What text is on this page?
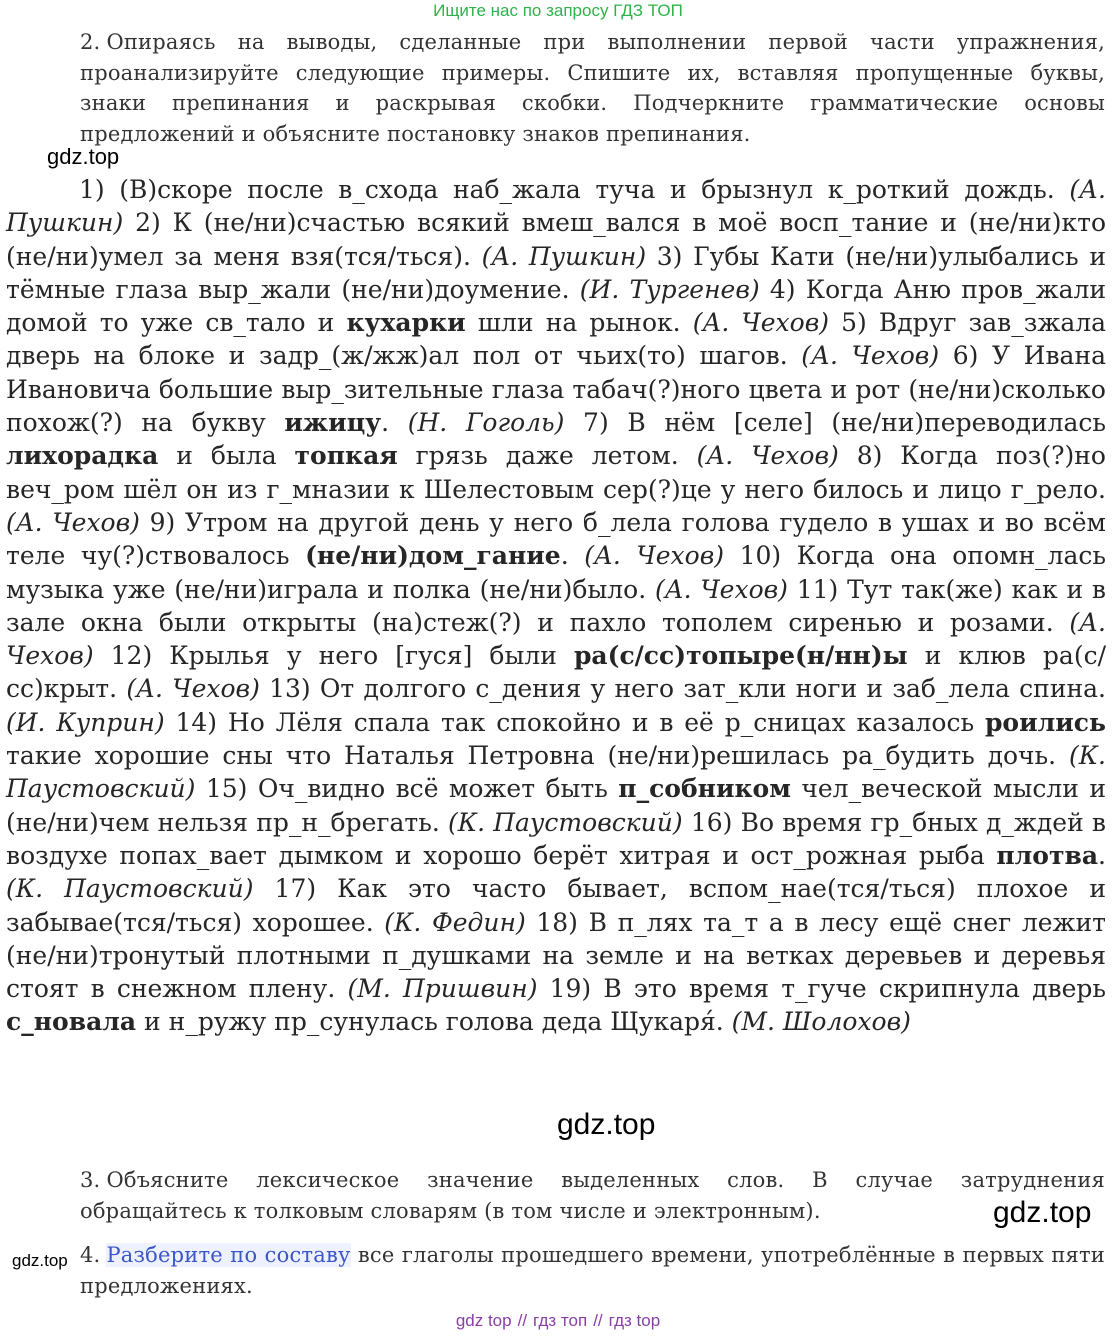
Ищите нас по запросу ГДЗ ТОП
2. Опираясь на выводы, сделанные при выполнении первой части упражнения, проанализируйте следующие примеры. Спишите их, вставляя пропущенные буквы, знаки препинания и раскрывая скобки. Подчеркните грамматические основы предложений и объясните постановку знаков препинания.
gdz.top

1) (В)скоре после в_схода наб_жала туча и брызнул к_роткий дождь. (А. Пушкин) 2) К (не/ни)счастью всякий вмеш_вался в моё восп_тание и (не/ни)кто (не/ни)умел за меня взя(тся/ться). (А. Пушкин) 3) Губы Кати (не/ни)улыбались и тёмные глаза выр_жали (не/ни)доумение. (И. Тургенев) 4) Когда Аню пров_жали домой то уже св_тало и кухарки шли на рынок. (А. Чехов) 5) Вдруг зав_зжала дверь на блоке и задр_(ж/жж)ал пол от чьих(то) шагов. (А. Чехов) 6) У Ивана Ивановича большие выр_зительные глаза табач(?)ного цвета и рот (не/ни)сколько похож(?) на букву ижицу. (Н. Гоголь) 7) В нём [селе] (не/ни)переводилась лихорадка и была топкая грязь даже летом. (А. Чехов) 8) Когда поз(?)но веч_ром шёл он из г_мназии к Шелестовым сер(?)це у него билось и лицо г_рело. (А. Чехов) 9) Утром на другой день у него б_лела голова гудело в ушах и во всём теле чу(?)ствовалось (не/ни)дом_гание. (А. Чехов) 10) Когда она опомн_лась музыка уже (не/ни)играла и полка (не/ни)было. (А. Чехов) 11) Тут так(же) как и в зале окна были открыты (на)стеж(?) и пахло тополем сиренью и розами. (А. Чехов) 12) Крылья у него [гуся] были ра(с/сс)топыре(н/нн)ы и клюв ра(с/сс)крыт. (А. Чехов) 13) От долгого с_дения у него зат_кли ноги и заб_лела спина. (И. Куприн) 14) Но Лёля спала так спокойно и в её р_сницах казалось роились такие хорошие сны что Наталья Петровна (не/ни)решилась ра_будить дочь. (К. Паустовский) 15) Оч_видно всё может быть п_собником чел_веческой мысли и (не/ни)чем нельзя пр_н_брегать. (К. Паустовский) 16) Во время гр_бных д_ждей в воздухе попах_вает дымком и хорошо берёт хитрая и ост_рожная рыба плотва. (К. Паустовский) 17) Как это часто бывает, вспом_нае(тся/ться) плохое и забывае(тся/ться) хорошее. (К. Федин) 18) В п_лях та_т а в лесу ещё снег лежит (не/ни)тронутый плотными п_душками на земле и на ветках деревьев и деревья стоят в снежном плену. (М. Пришвин) 19) В это время т_гуче скрипнула дверь с_новала и н_ружу пр_сунулась голова деда Щукаря́. (М. Шолохов)

gdz.top
3. Объясните лексическое значение выделенных слов. В случае затруднения обращайтесь к толковым словарям (в том числе и электронным).	gdz.top
gdz.top 4. Разберите по составу все глаголы прошедшего времени, употреблённые в первых пяти предложениях.
gdz top // гдз топ // гдз top
